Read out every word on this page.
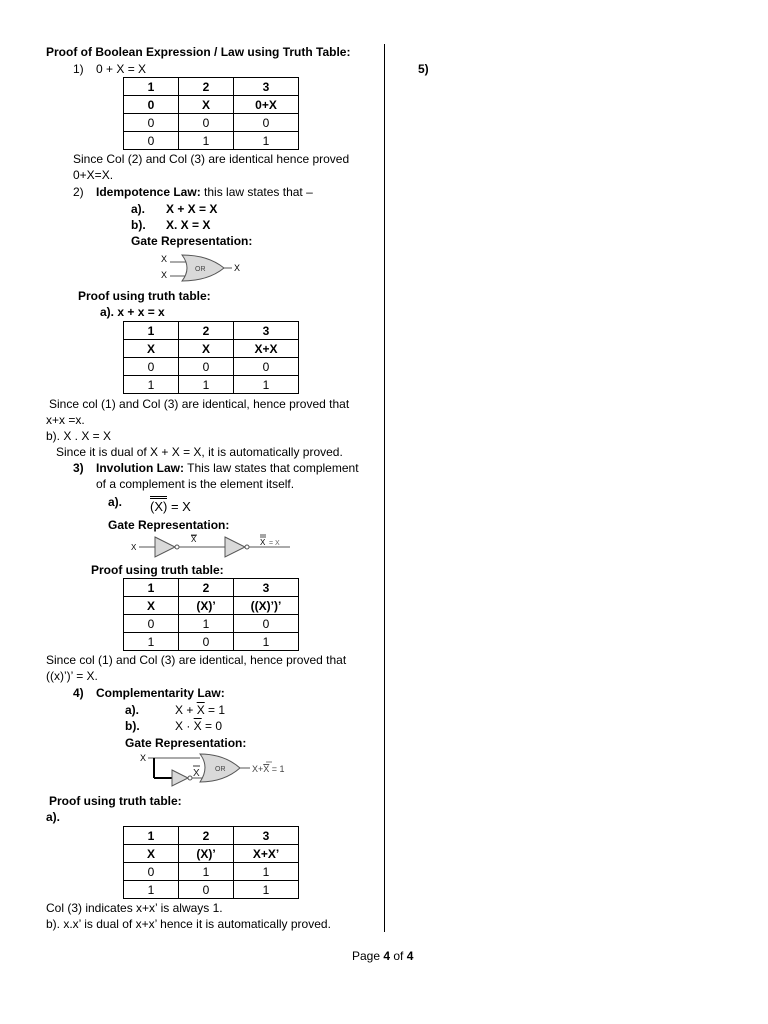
Proof of Boolean Expression / Law using Truth Table:
5)
1) 0 + X = X
1	2	3
0	X	0+X
0	0	0
0	1	1
Since Col (2) and Col (3) are identical hence proved
0+X=X.
2) Idempotence Law: this law states that –
a). X + X = X
b). X. X = X
Gate Representation:
X
X
OR	X
Proof using truth table:
a). x + x = x
1	2	3
X	X	X+X
0	0	0
1	1	1
Since col (1) and Col (3) are identical, hence proved that
x+x =x.
b). X . X = X
Since it is dual of X + X = X, it is automatically proved.
3) Involution Law: This law states that complement
of a complement is the element itself.
a). (X) = X
Gate Representation:
X
X	X = X
Proof using truth table:
1	2	3
X	(X)’	((X)’)’
0	1	0
1	0	1
Since col (1) and Col (3) are identical, hence proved that
((x)’)’ = X.
4) Complementarity Law:
a).	$X + \overline{X} = 1$
b).	$X \cdot \overline{X} = 0$
Gate Representation:
X
X OR	X+X = 1
Proof using truth table:
a).
1	2	3
X	(X)’	X+X’
0	1	1
1	0	1
Col (3) indicates x+x’ is always 1.
b). x.x’ is dual of x+x’ hence it is automatically proved.
Page 4 of 4
